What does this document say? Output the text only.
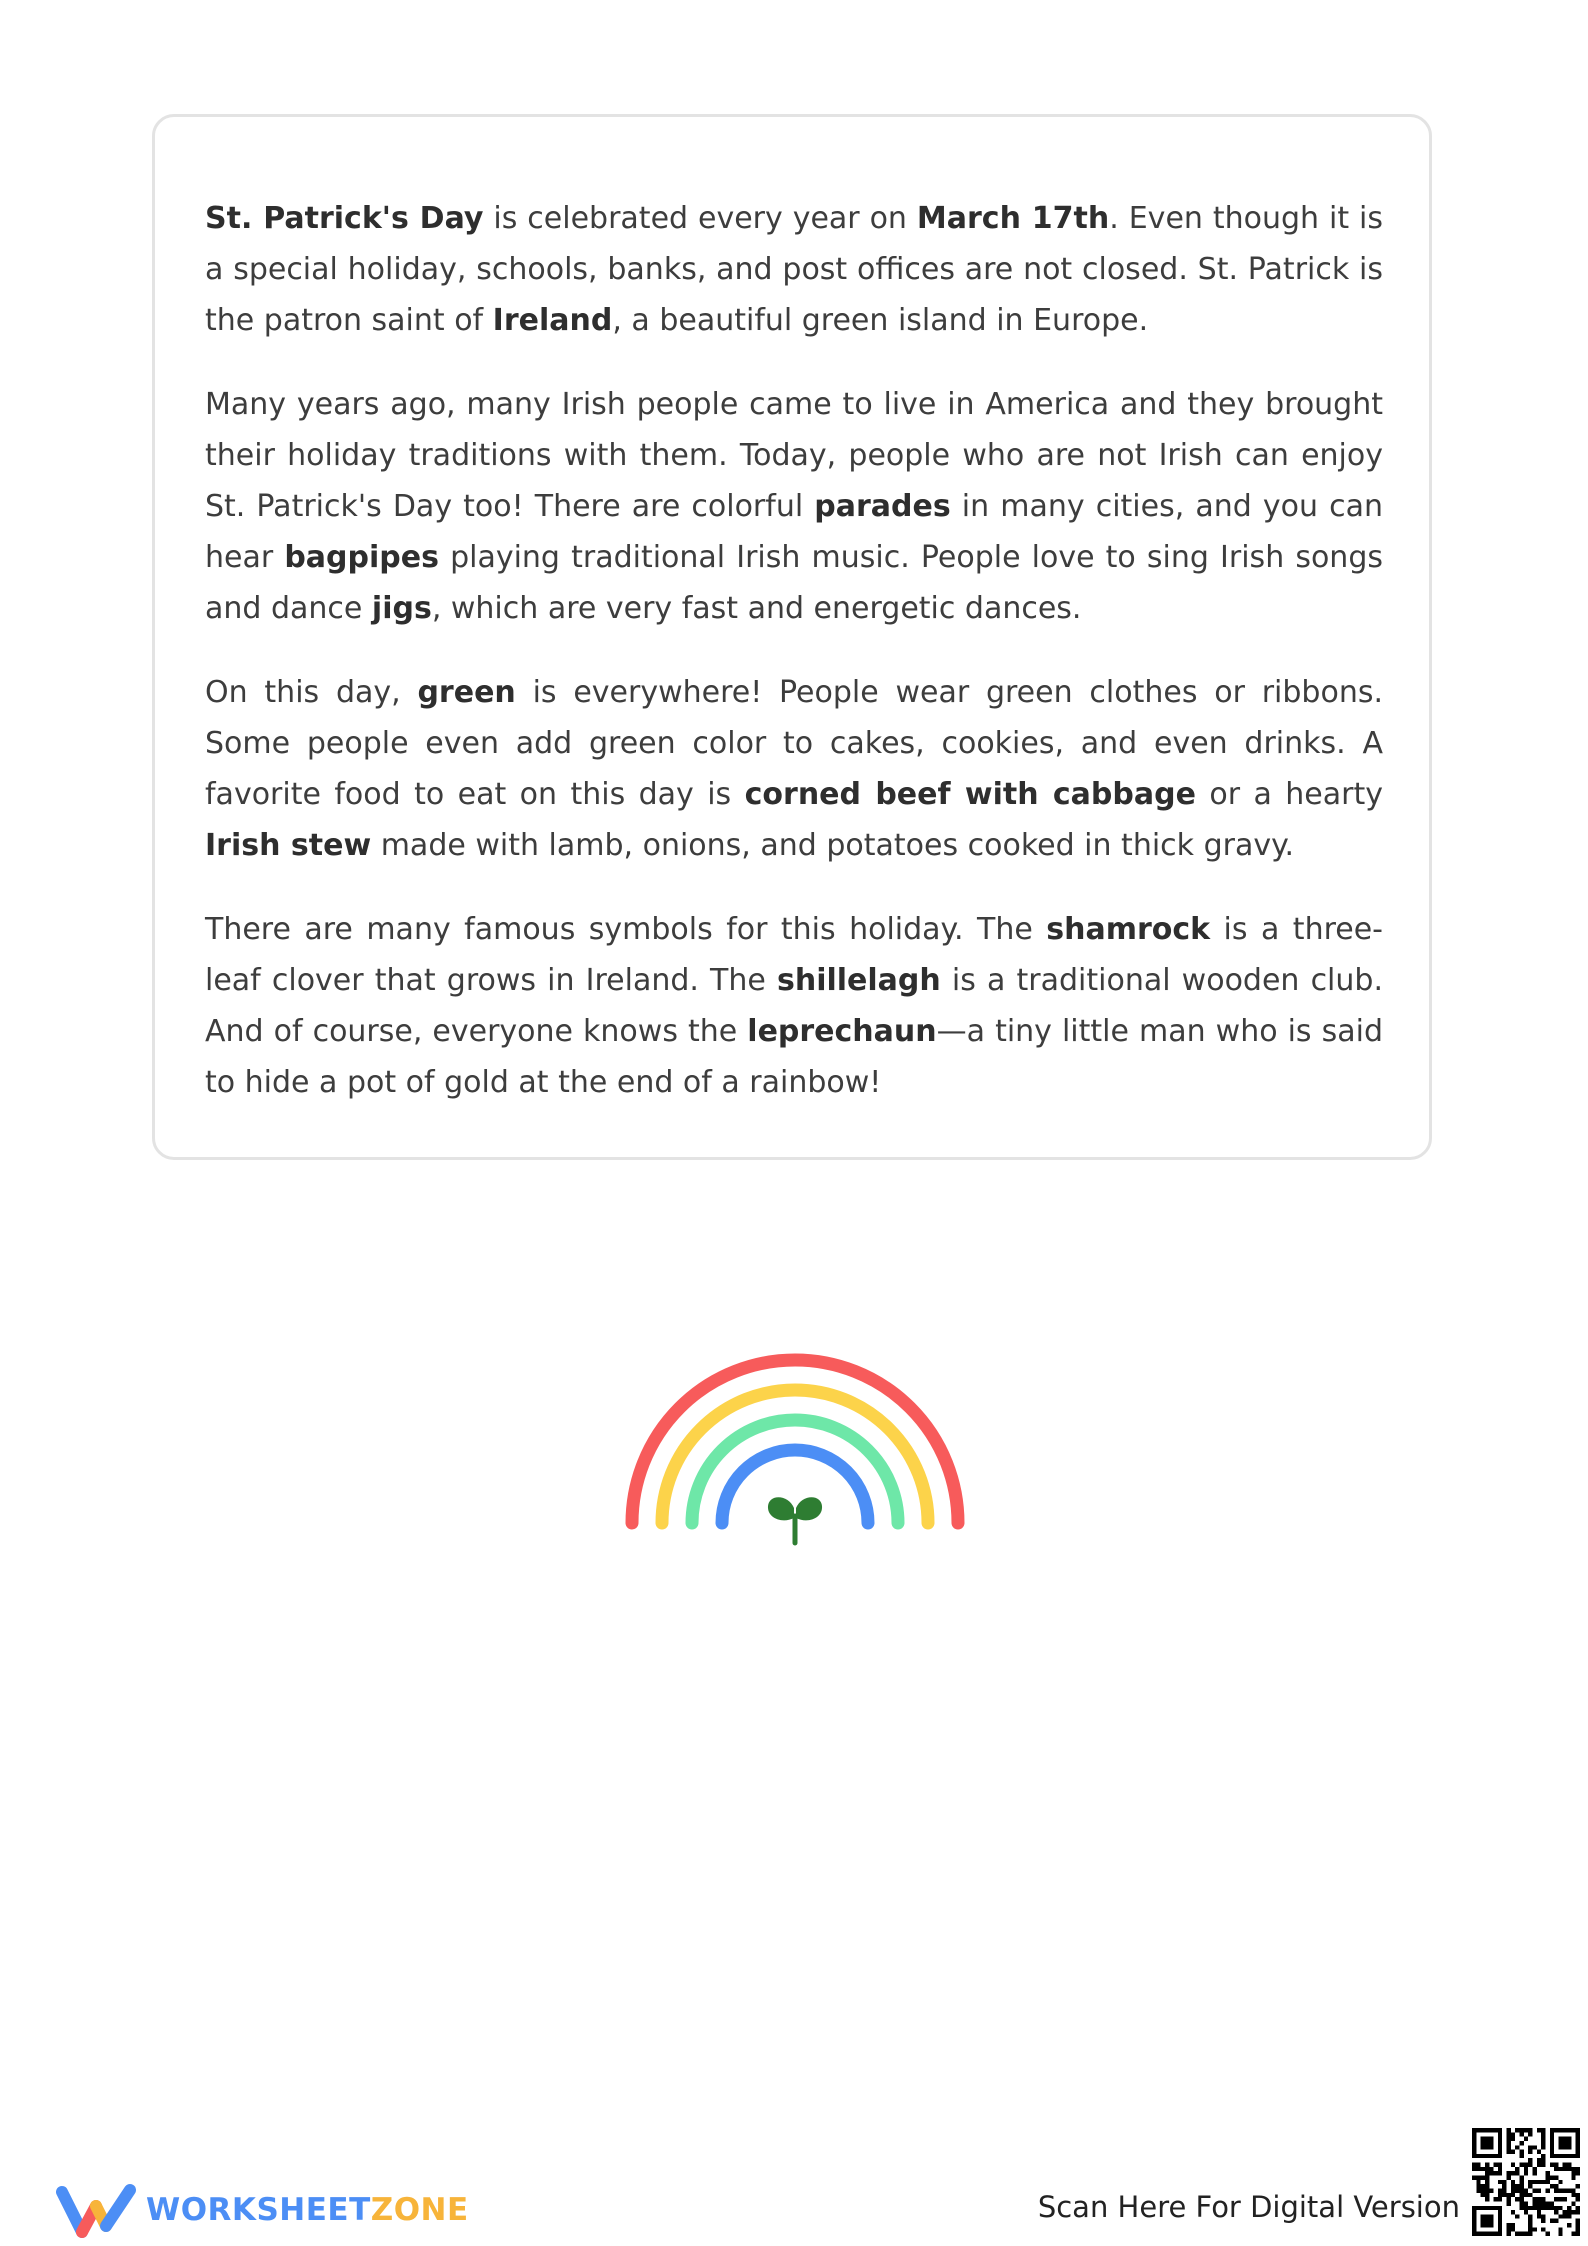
St. Patrick's Day is celebrated every year on March 17th. Even though it is a special holiday, schools, banks, and post offices are not closed. St. Patrick is the patron saint of Ireland, a beautiful green island in Europe.

Many years ago, many Irish people came to live in America and they brought their holiday traditions with them. Today, people who are not Irish can enjoy St. Patrick's Day too! There are colorful parades in many cities, and you can hear bagpipes playing traditional Irish music. People love to sing Irish songs and dance jigs, which are very fast and energetic dances.

On this day, green is everywhere! People wear green clothes or ribbons. Some people even add green color to cakes, cookies, and even drinks. A favorite food to eat on this day is corned beef with cabbage or a hearty Irish stew made with lamb, onions, and potatoes cooked in thick gravy.

There are many famous symbols for this holiday. The shamrock is a three-leaf clover that grows in Ireland. The shillelagh is a traditional wooden club. And of course, everyone knows the leprechaun—a tiny little man who is said to hide a pot of gold at the end of a rainbow!

WORKSHEETZONE	Scan Here For Digital Version
